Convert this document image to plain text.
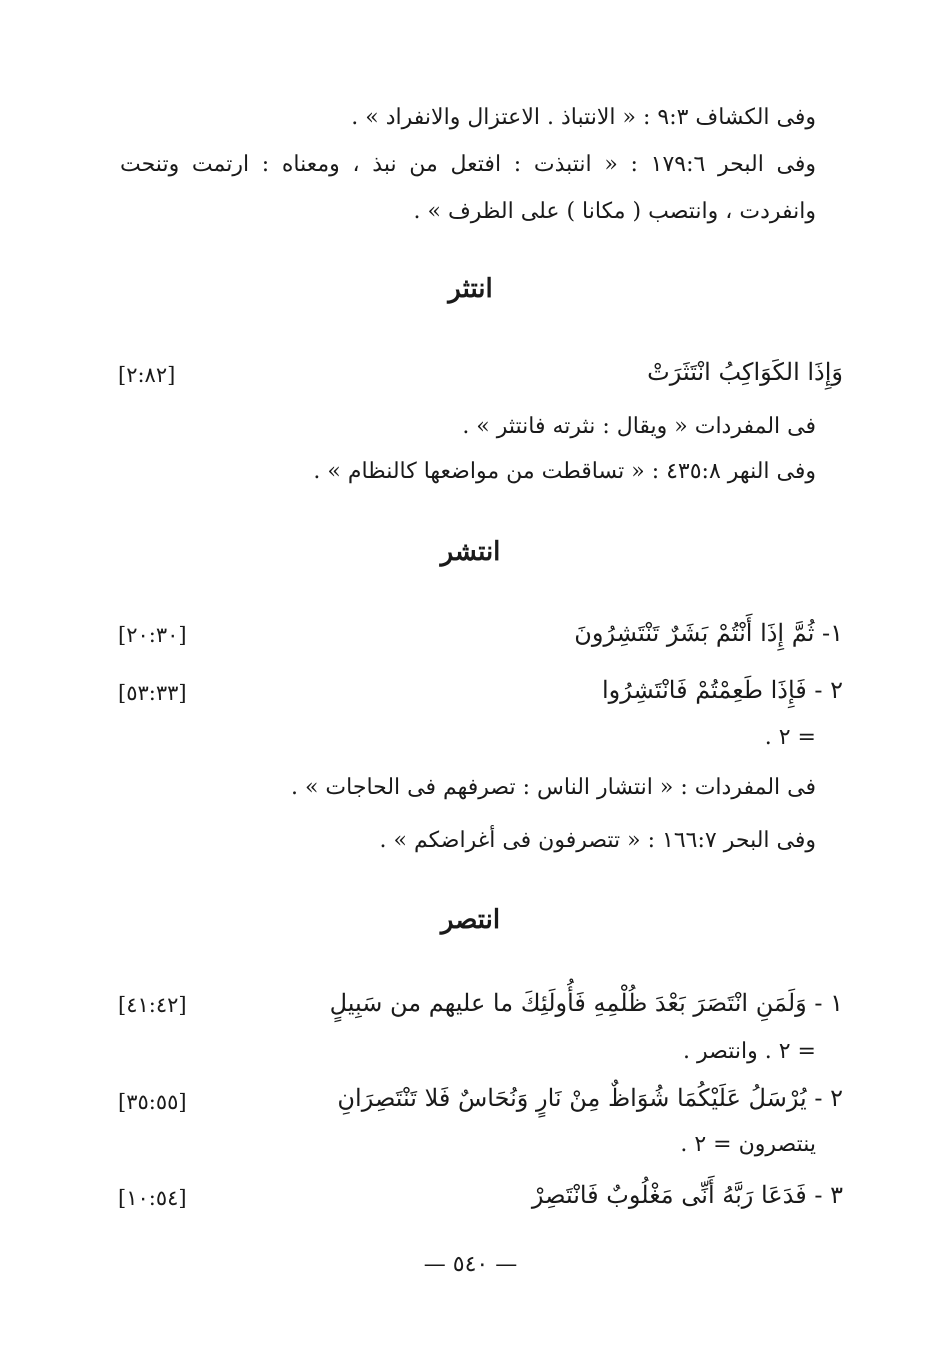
وفى الكشاف ٩:٣ : « الانتباذ . الاعتزال والانفراد » .
وفى البحر ١٧٩:٦ : « انتبذت : افتعل من نبذ ، ومعناه : ارتمت وتنحت
وانفردت ، وانتصب ( مكانا ) على الظرف » .
انتثر
وَإِذَا الكَوَاكِبُ انْتَثَرَتْ
[٢:٨٢]
فى المفردات « ويقال : نثرته فانتثر » .
وفى النهر ٤٣٥:٨ : « تساقطت من مواضعها كالنظام » .
انتشر
١- ثُمَّ إِذَا أَنْتُمْ بَشَرٌ تَنْتَشِرُونَ
[٢٠:٣٠]
٢ - فَإِذَا طَعِمْتُمْ فَانْتَشِرُوا
[٥٣:٣٣]
= ٢ .
فى المفردات : « انتشار الناس : تصرفهم فى الحاجات » .
وفى البحر ١٦٦:٧ : « تتصرفون فى أغراضكم » .
انتصر
١ - وَلَمَنِ انْتَصَرَ بَعْدَ ظُلْمِهِ فَأُولَئِكَ ما عليهم من سَبِيلٍ
[٤١:٤٢]
= ٢ . وانتصر .
٢ - يُرْسَلُ عَلَيْكُمَا شُوَاظٌ مِنْ نَارٍ وَنُحَاسٌ فَلا تَنْتَصِرَانِ
[٣٥:٥٥]
ينتصرون = ٢ .
٣ - فَدَعَا رَبَّهُ أَنِّى مَغْلُوبٌ فَانْتَصِرْ
[١٠:٥٤]
— ٥٤٠ —
